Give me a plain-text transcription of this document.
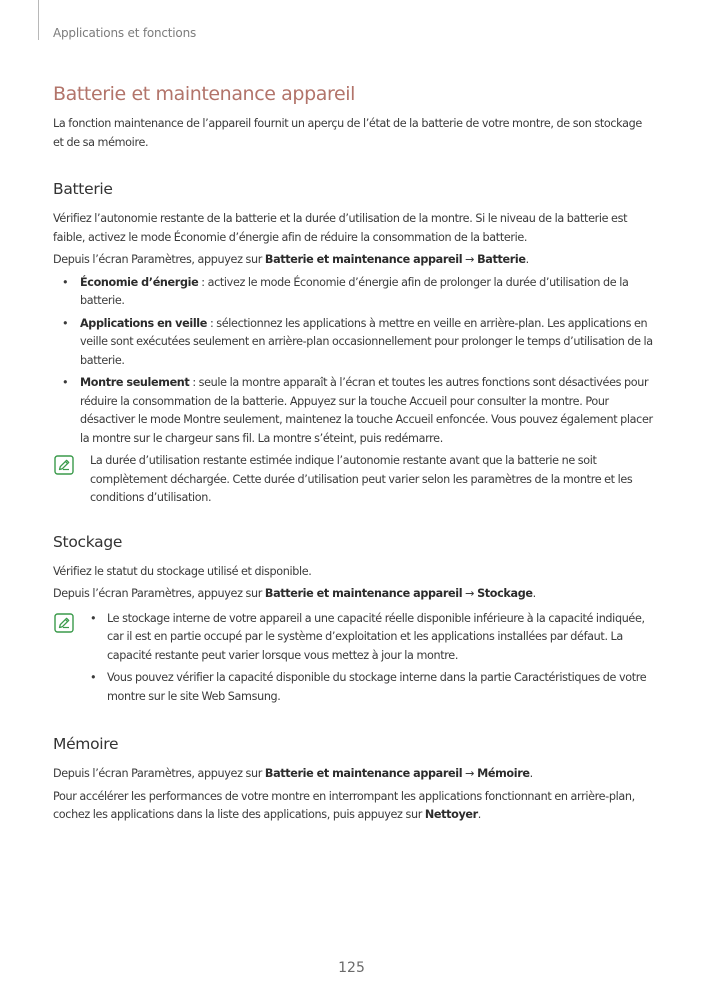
Applications et fonctions
Batterie et maintenance appareil

La fonction maintenance de l’appareil fournit un aperçu de l’état de la batterie de votre montre, de son stockage et de sa mémoire.

Batterie

Vérifiez l’autonomie restante de la batterie et la durée d’utilisation de la montre. Si le niveau de la batterie est faible, activez le mode Économie d’énergie afin de réduire la consommation de la batterie.

Depuis l’écran Paramètres, appuyez sur Batterie et maintenance appareil → Batterie.

• Économie d’énergie : activez le mode Économie d’énergie afin de prolonger la durée d’utilisation de la batterie.
• Applications en veille : sélectionnez les applications à mettre en veille en arrière-plan. Les applications en veille sont exécutées seulement en arrière-plan occasionnellement pour prolonger le temps d’utilisation de la batterie.
• Montre seulement : seule la montre apparaît à l’écran et toutes les autres fonctions sont désactivées pour réduire la consommation de la batterie. Appuyez sur la touche Accueil pour consulter la montre. Pour désactiver le mode Montre seulement, maintenez la touche Accueil enfoncée. Vous pouvez également placer la montre sur le chargeur sans fil. La montre s’éteint, puis redémarre.
La durée d’utilisation restante estimée indique l’autonomie restante avant que la batterie ne soit complètement déchargée. Cette durée d’utilisation peut varier selon les paramètres de la montre et les conditions d’utilisation.
Stockage

Vérifiez le statut du stockage utilisé et disponible.

Depuis l’écran Paramètres, appuyez sur Batterie et maintenance appareil → Stockage.

• Le stockage interne de votre appareil a une capacité réelle disponible inférieure à la capacité indiquée, car il est en partie occupé par le système d’exploitation et les applications installées par défaut. La capacité restante peut varier lorsque vous mettez à jour la montre.
• Vous pouvez vérifier la capacité disponible du stockage interne dans la partie Caractéristiques de votre montre sur le site Web Samsung.
Mémoire

Depuis l’écran Paramètres, appuyez sur Batterie et maintenance appareil → Mémoire.

Pour accélérer les performances de votre montre en interrompant les applications fonctionnant en arrière-plan, cochez les applications dans la liste des applications, puis appuyez sur Nettoyer.

125
